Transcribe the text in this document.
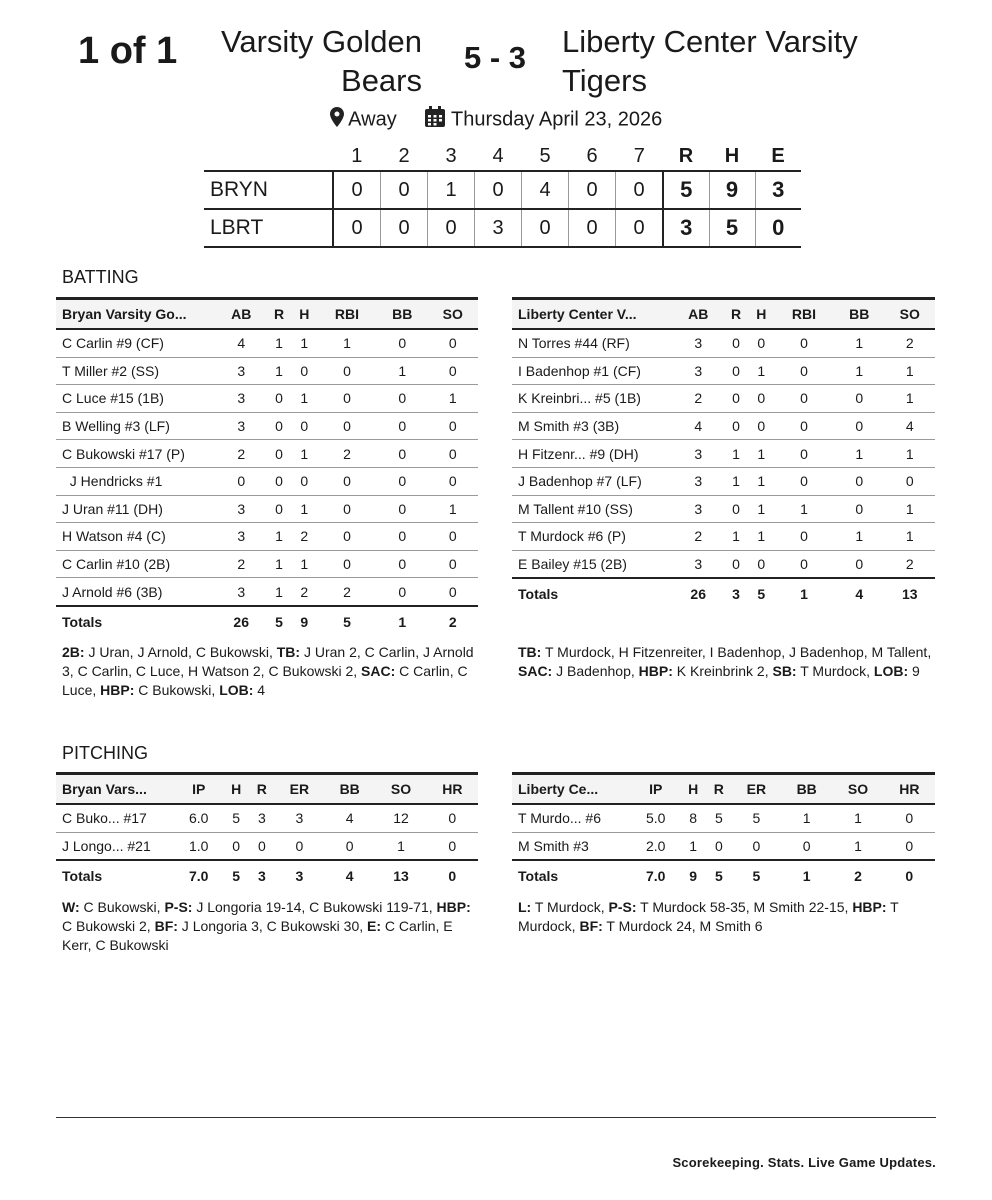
1 of 1	Varsity Golden Bears
5 - 3	Liberty Center Varsity Tigers
Away	Thursday April 23, 2026
	1	2	3	4	5	6	7	R	H	E
BRYN	0	0	1	0	4	0	0	5	9	3
LBRT	0	0	0	3	0	0	0	3	5	0
BATTING
Bryan Varsity Go...	AB	R	H	RBI	BB	SO
C Carlin #9 (CF)	4	1	1	1	0	0
T Miller #2 (SS)	3	1	0	0	1	0
C Luce #15 (1B)	3	0	1	0	0	1
B Welling #3 (LF)	3	0	0	0	0	0
C Bukowski #17 (P)	2	0	1	2	0	0
J Hendricks #1	0	0	0	0	0	0
J Uran #11 (DH)	3	0	1	0	0	1
H Watson #4 (C)	3	1	2	0	0	0
C Carlin #10 (2B)	2	1	1	0	0	0
J Arnold #6 (3B)	3	1	2	2	0	0
Totals	26	5	9	5	1	2
Liberty Center V...	AB	R	H	RBI	BB	SO
N Torres #44 (RF)	3	0	0	0	1	2
I Badenhop #1 (CF)	3	0	1	0	1	1
K Kreinbri... #5 (1B)	2	0	0	0	0	1
M Smith #3 (3B)	4	0	0	0	0	4
H Fitzenr... #9 (DH)	3	1	1	0	1	1
J Badenhop #7 (LF)	3	1	1	0	0	0
M Tallent #10 (SS)	3	0	1	1	0	1
T Murdock #6 (P)	2	1	1	0	1	1
E Bailey #15 (2B)	3	0	0	0	0	2
Totals	26	3	5	1	4	13
2B: J Uran, J Arnold, C Bukowski, TB: J Uran 2, C Carlin, J Arnold 3, C Carlin, C Luce, H Watson 2, C Bukowski 2, SAC: C Carlin, C Luce, HBP: C Bukowski, LOB: 4
TB: T Murdock, H Fitzenreiter, I Badenhop, J Badenhop, M Tallent, SAC: J Badenhop, HBP: K Kreinbrink 2, SB: T Murdock, LOB: 9
PITCHING
Bryan Vars...	IP	H	R	ER	BB	SO	HR
C Buko... #17	6.0	5	3	3	4	12	0
J Longo... #21	1.0	0	0	0	0	1	0
Totals	7.0	5	3	3	4	13	0
Liberty Ce...	IP	H	R	ER	BB	SO	HR
T Murdo... #6	5.0	8	5	5	1	1	0
M Smith #3	2.0	1	0	0	0	1	0
Totals	7.0	9	5	5	1	2	0
W: C Bukowski, P-S: J Longoria 19-14, C Bukowski 119-71, HBP: C Bukowski 2, BF: J Longoria 3, C Bukowski 30, E: C Carlin, E Kerr, C Bukowski
L: T Murdock, P-S: T Murdock 58-35, M Smith 22-15, HBP: T Murdock, BF: T Murdock 24, M Smith 6
Scorekeeping. Stats. Live Game Updates.
